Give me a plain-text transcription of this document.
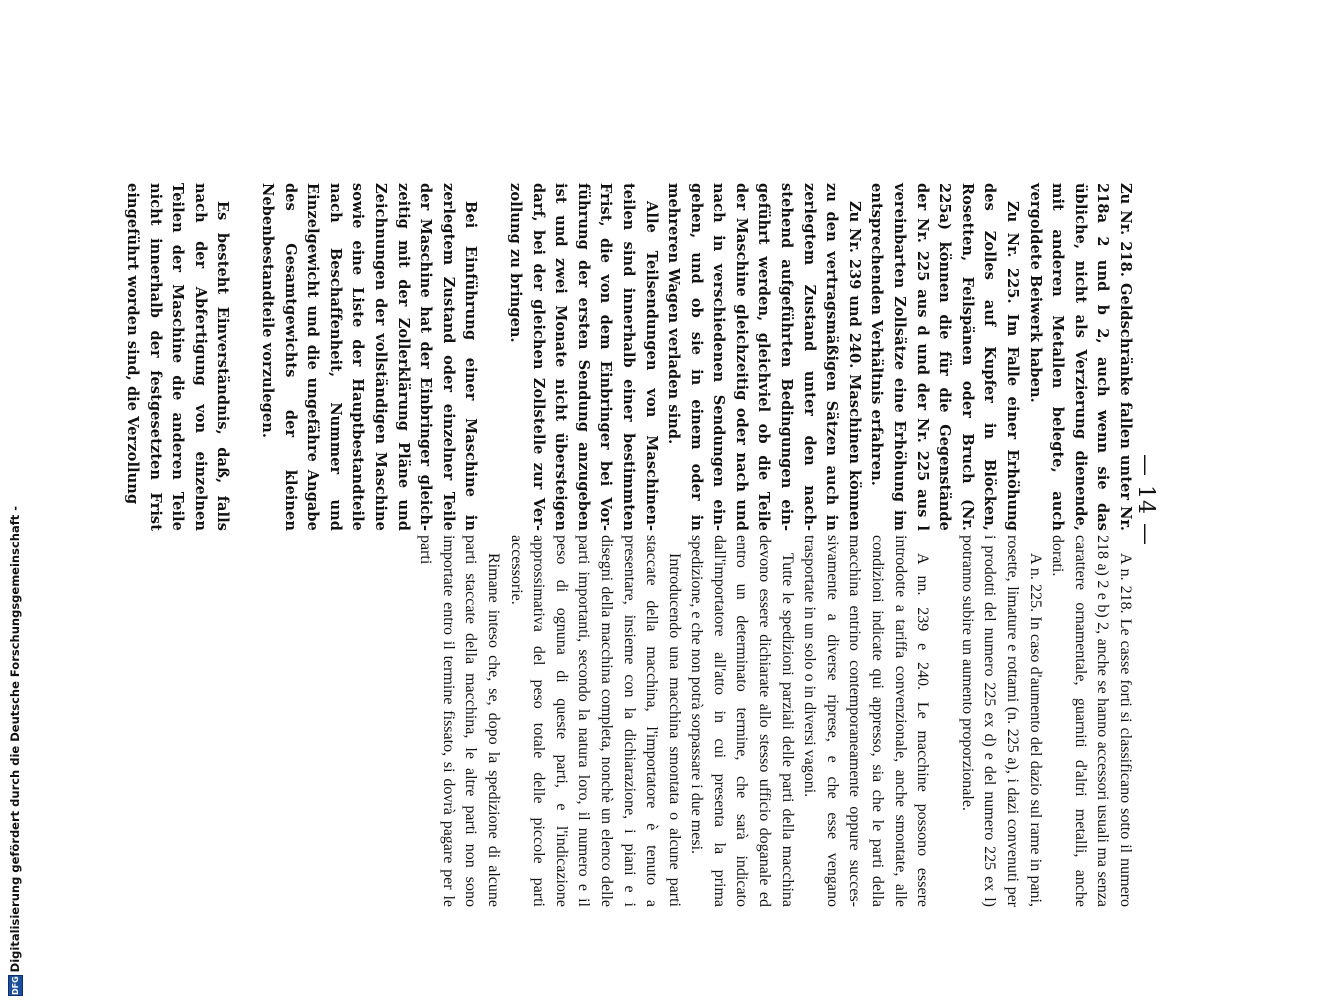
— 14 —

Zu Nr. 218. Geldschränke fallen unter Nr. 218a 2 und b 2, auch wenn sie das übliche, nicht als Verzierung dienende, mit anderen Metallen belegte, auch vergoldete Beiwerk haben.

Zu Nr. 225. Im Falle einer Erhöhung des Zolles auf Kupfer in Blöcken, Rosetten, Feilspänen oder Bruch (Nr. 225a) können die für die Gegenstände der Nr. 225 aus d und der Nr. 225 aus l vereinbarten Zollsätze eine Erhöhung im entsprechenden Verhältnis erfahren.

Zu Nr. 239 und 240. Maschinen können zu den vertragsmäßigen Sätzen auch in zerlegtem Zustand unter den nachstehend aufgeführten Bedingungen eingeführt werden, gleichviel ob die Teile der Maschine gleichzeitig oder nach und nach in verschiedenen Sendungen eingehen, und ob sie in einem oder in mehreren Wagen verladen sind.

Alle Teilsendungen von Maschinenteilen sind innerhalb einer bestimmten Frist, die von dem Einbringer bei Vorführung der ersten Sendung anzugeben ist und zwei Monate nicht übersteigen darf, bei der gleichen Zollstelle zur Verzollung zu bringen.

Bei Einführung einer Maschine in zerlegtem Zustand oder einzelner Teile der Maschine hat der Einbringer gleichzeitig mit der Zollerklärung Pläne und Zeichnungen der vollständigen Maschine sowie eine Liste der Hauptbestandteile nach Beschaffenheit, Nummer und Einzelgewicht und die ungefähre Angabe des Gesamtgewichts der kleinen Nebenbestandteile vorzulegen.

Es besteht Einverständnis, daß, falls nach der Abfertigung von einzelnen Teilen der Maschine die anderen Teile nicht innerhalb der festgesetzten Frist eingeführt worden sind, die Verzollung

A n. 218. Le casse forti si classificano sotto il numero 218 a) 2 e b) 2, anche se hanno accessori usuali ma senza carattere ornamentale, guarniti d'altri metalli, anche dorati.

A n. 225. In caso d'aumento del dazio sul rame in pani, rosette, limature e rottami (n. 225 a), i dazi convenuti per i prodotti del numero 225 ex d) e del numero 225 ex l) potranno subire un aumento proporzionale.

A nn. 239 e 240. Le macchine possono essere introdotte a tariffa convenzionale, anche smontate, alle condizioni indicate qui appresso, sia che le parti della macchina entrino contemporaneamente oppure successivamente a diverse riprese, e che esse vengano trasportate in un solo o in diversi vagoni.

Tutte le spedizioni parziali delle parti della macchina devono essere dichiarate allo stesso ufficio doganale ed entro un determinato termine, che sarà indicato dall'importatore all'atto in cui presenta la prima spedizione, e che non potrà sorpassare i due mesi.

Introducendo una macchina smontata o alcune parti staccate della macchina, l'importatore è tenuto a presentare, insieme con la dichiarazione, i piani e i disegni della macchina completa, nonchè un elenco delle parti importanti, secondo la natura loro, il numero e il peso di ognuna di queste parti, e l'indicazione approssimativa del peso totale delle piccole parti accessorie.

Rimane inteso che, se, dopo la spedizione di alcune parti staccate della macchina, le altre parti non sono importate entro il termine fissato, si dovrà pagare per le parti

DFG
Digitalisierung gefördert durch die Deutsche Forschungsgemeinschaft -
